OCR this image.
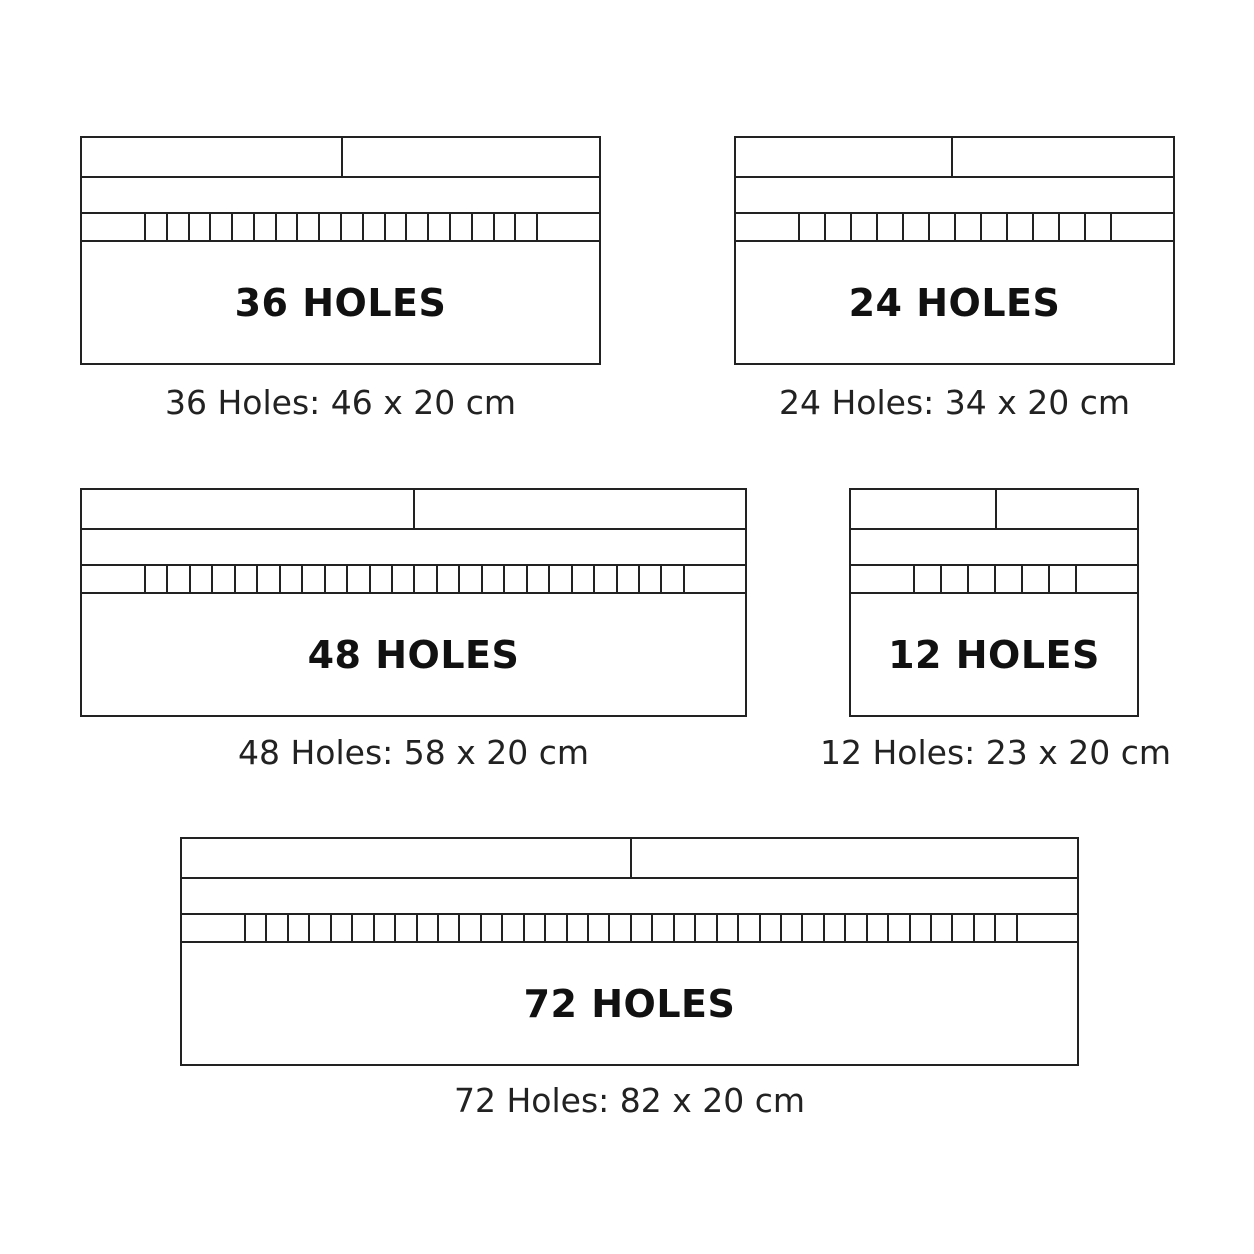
36 HOLES
36 Holes: 46 x 20 cm
24 HOLES
24 Holes: 34 x 20 cm
48 HOLES
48 Holes: 58 x 20 cm
12 HOLES
12 Holes: 23 x 20 cm
72 HOLES
72 Holes: 82 x 20 cm
